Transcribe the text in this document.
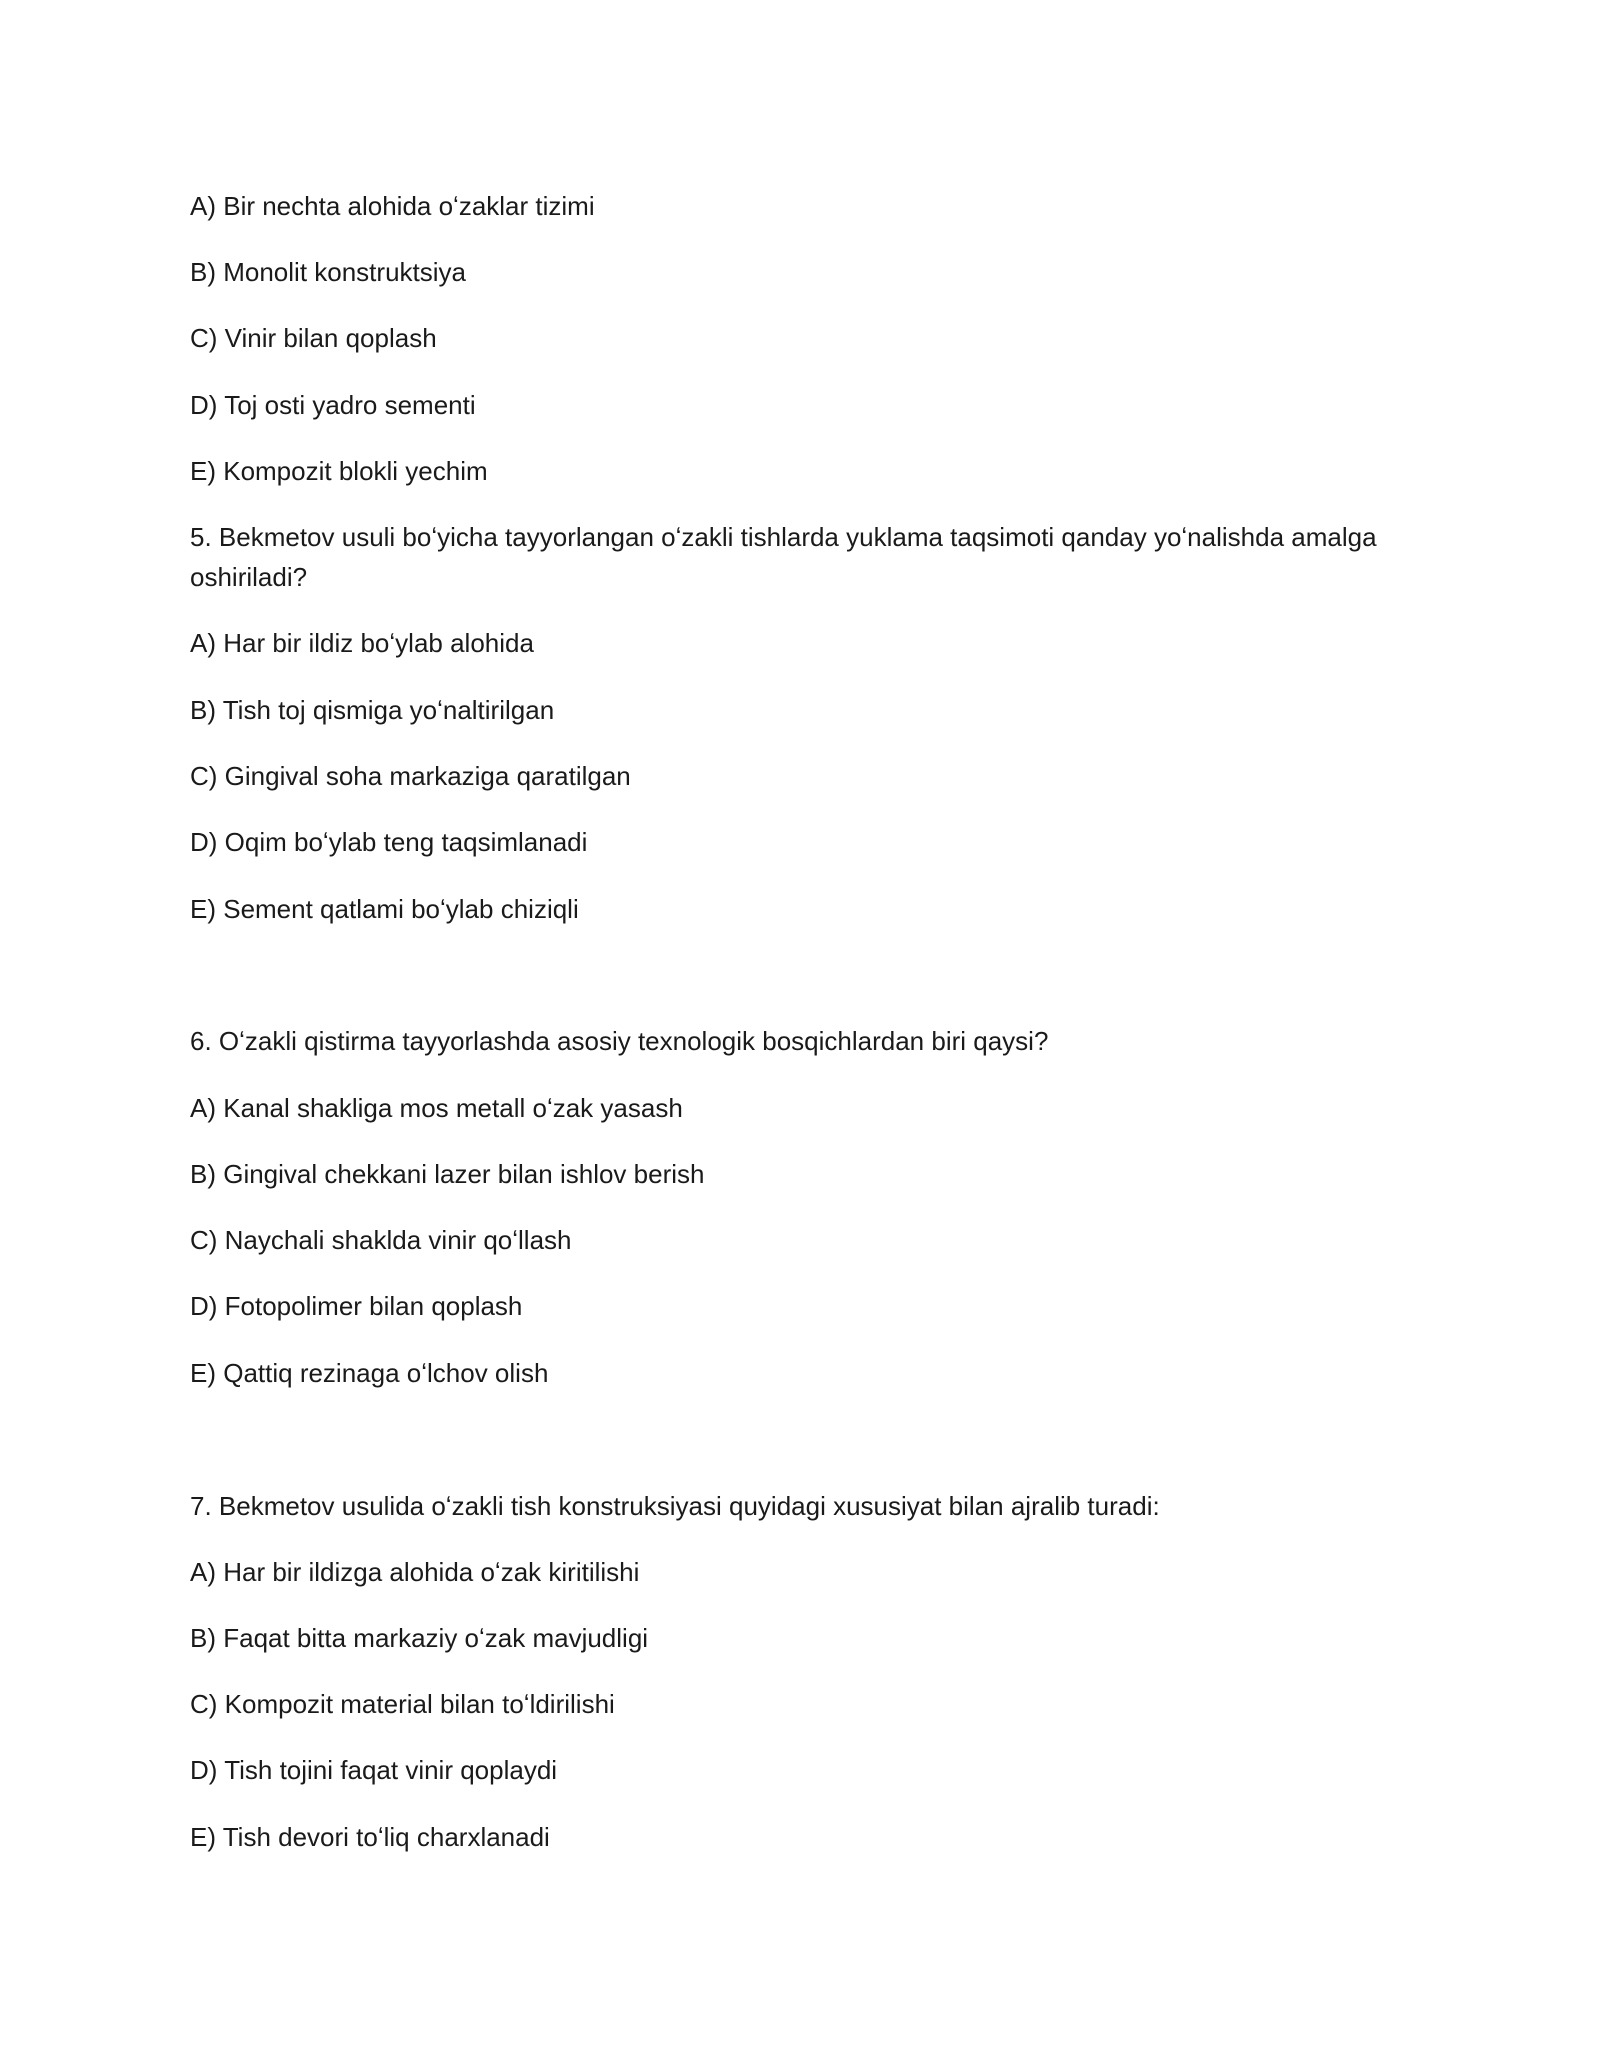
A) Bir nechta alohida oʻzaklar tizimi

B) Monolit konstruktsiya

C) Vinir bilan qoplash

D) Toj osti yadro sementi

E) Kompozit blokli yechim

5. Bekmetov usuli boʻyicha tayyorlangan oʻzakli tishlarda yuklama taqsimoti qanday yoʻnalishda amalga oshiriladi?

A) Har bir ildiz boʻylab alohida

B) Tish toj qismiga yoʻnaltirilgan

C) Gingival soha markaziga qaratilgan

D) Oqim boʻylab teng taqsimlanadi

E) Sement qatlami boʻylab chiziqli

6. Oʻzakli qistirma tayyorlashda asosiy texnologik bosqichlardan biri qaysi?

A) Kanal shakliga mos metall oʻzak yasash

B) Gingival chekkani lazer bilan ishlov berish

C) Naychali shaklda vinir qoʻllash

D) Fotopolimer bilan qoplash

E) Qattiq rezinaga oʻlchov olish

7. Bekmetov usulida oʻzakli tish konstruksiyasi quyidagi xususiyat bilan ajralib turadi:

A) Har bir ildizga alohida oʻzak kiritilishi

B) Faqat bitta markaziy oʻzak mavjudligi

C) Kompozit material bilan toʻldirilishi

D) Tish tojini faqat vinir qoplaydi

E) Tish devori toʻliq charxlanadi
